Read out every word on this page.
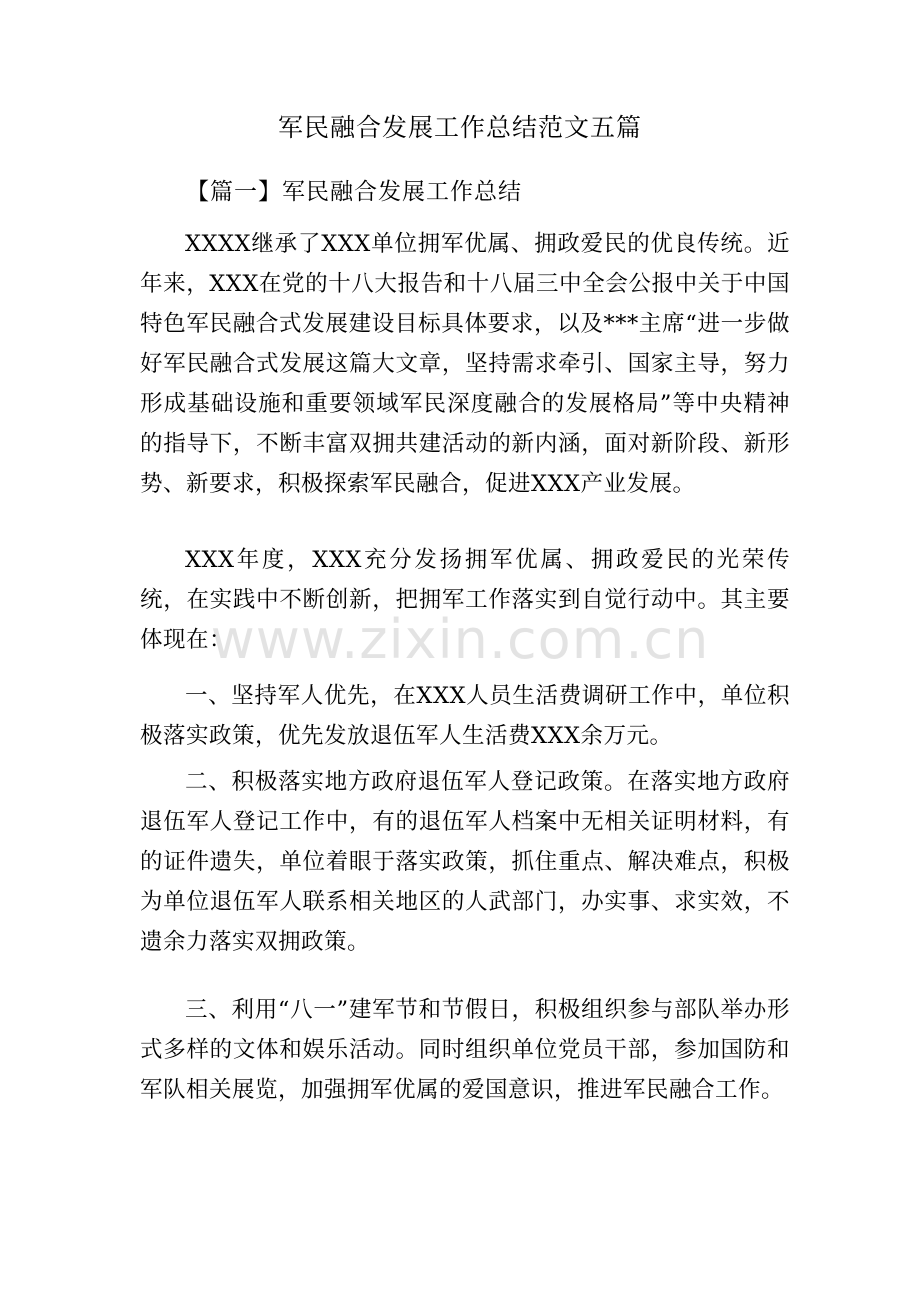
军民融合发展工作总结范文五篇
【篇一】军民融合发展工作总结

XXXX继承了XXX单位拥军优属、拥政爱民的优良传统。近年来，XXX在党的十八大报告和十八届三中全会公报中关于中国特色军民融合式发展建设目标具体要求，以及***主席“进一步做好军民融合式发展这篇大文章，坚持需求牵引、国家主导，努力形成基础设施和重要领域军民深度融合的发展格局”等中央精神的指导下，不断丰富双拥共建活动的新内涵，面对新阶段、新形势、新要求，积极探索军民融合，促进XXX产业发展。

XXX年度，XXX充分发扬拥军优属、拥政爱民的光荣传统，在实践中不断创新，把拥军工作落实到自觉行动中。其主要体现在：

一、坚持军人优先，在XXX人员生活费调研工作中，单位积极落实政策，优先发放退伍军人生活费XXX余万元。

二、积极落实地方政府退伍军人登记政策。在落实地方政府退伍军人登记工作中，有的退伍军人档案中无相关证明材料，有的证件遗失，单位着眼于落实政策，抓住重点、解决难点，积极为单位退伍军人联系相关地区的人武部门，办实事、求实效，不遗余力落实双拥政策。

三、利用“八一”建军节和节假日，积极组织参与部队举办形式多样的文体和娱乐活动。同时组织单位党员干部，参加国防和军队相关展览，加强拥军优属的爱国意识，推进军民融合工作。

www.zixin.com.cn
